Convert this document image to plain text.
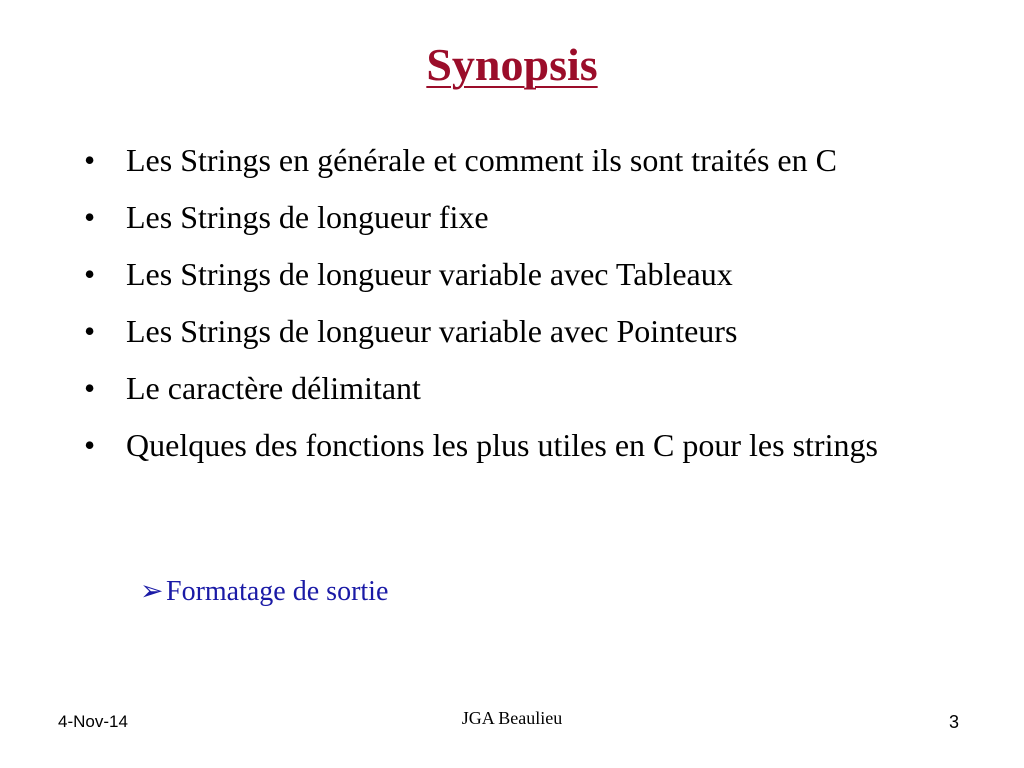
Synopsis
• Les Strings en générale et comment ils sont traités en C
• Les Strings de longueur fixe
• Les Strings de longueur variable avec Tableaux
• Les Strings de longueur variable avec Pointeurs
• Le caractère délimitant
• Quelques des fonctions les plus utiles en C pour les strings
➢ Formatage de sortie
4-Nov-14	JGA Beaulieu	3
